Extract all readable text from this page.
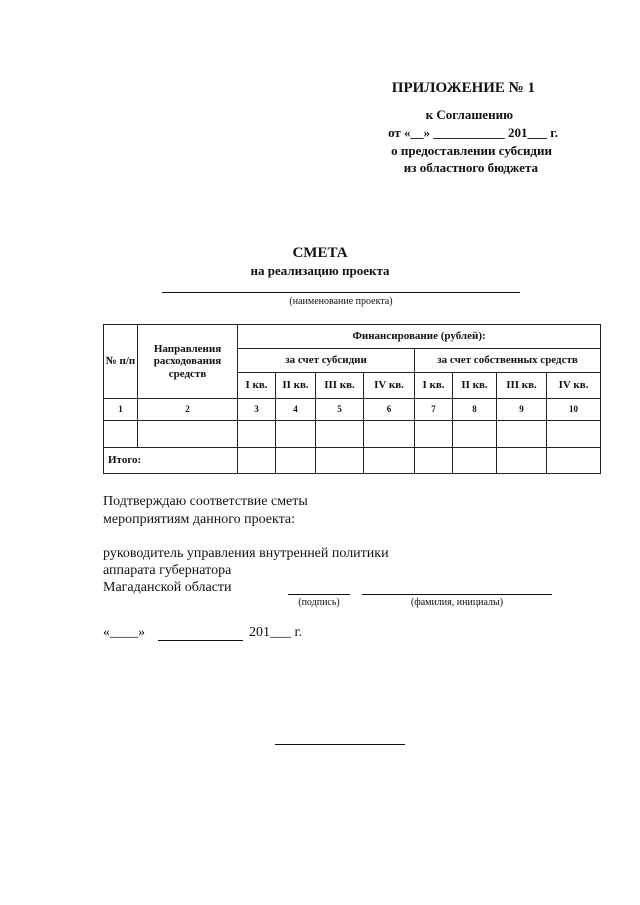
ПРИЛОЖЕНИЕ № 1
к Соглашению
от «__» ___________ 201___ г.
о предоставлении субсидии
из областного бюджета
СМЕТА
на реализацию проекта
(наименование проекта)
№ п/п	Направления расходования средств	Финансирование (рублей):							
		за счет субсидии				за счет собственных средств			
		I кв.	II кв.	III кв.	IV кв.	I кв.	II кв.	III кв.	IV кв.
1	2	3	4	5	6	7	8	9	10

Итого:									
Подтверждаю соответствие сметы
мероприятиям данного проекта:
руководитель управления внутренней политики
аппарата губернатора
Магаданской области
(подпись)	(фамилия, инициалы)
«____»	201___ г.
